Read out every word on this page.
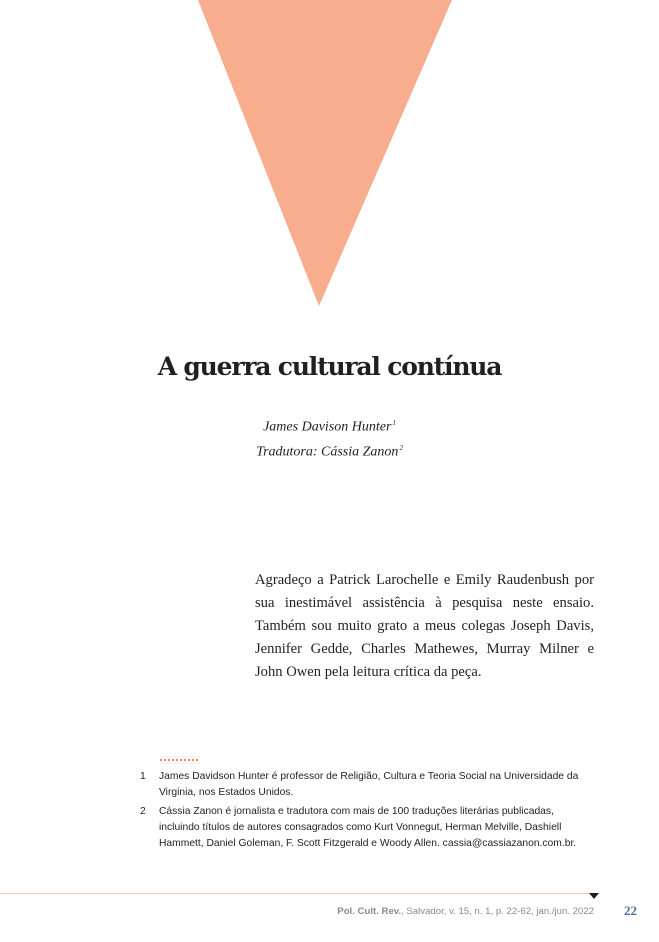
A guerra cultural contínua
James Davison Hunter$^1$
Tradutora: Cássia Zanon$^2$

Agradeço a Patrick Larochelle e Emily Raudenbush por sua inestimável assistência à pesquisa neste ensaio. Também sou muito grato a meus colegas Joseph Davis, Jennifer Gedde, Charles Mathewes, Murray Milner e John Owen pela leitura crítica da peça.

1	James Davidson Hunter é professor de Religião, Cultura e Teoria Social na Universidade da Virginia, nos Estados Unidos.
2	Cássia Zanon é jornalista e tradutora com mais de 100 traduções literárias publicadas, incluindo títulos de autores consagrados como Kurt Vonnegut, Herman Melville, Dashiell Hammett, Daniel Goleman, F. Scott Fitzgerald e Woody Allen. cassia@cassiazanon.com.br.
Pol. Cult. Rev., Salvador, v. 15, n. 1, p. 22-62, jan./jun. 2022 22
